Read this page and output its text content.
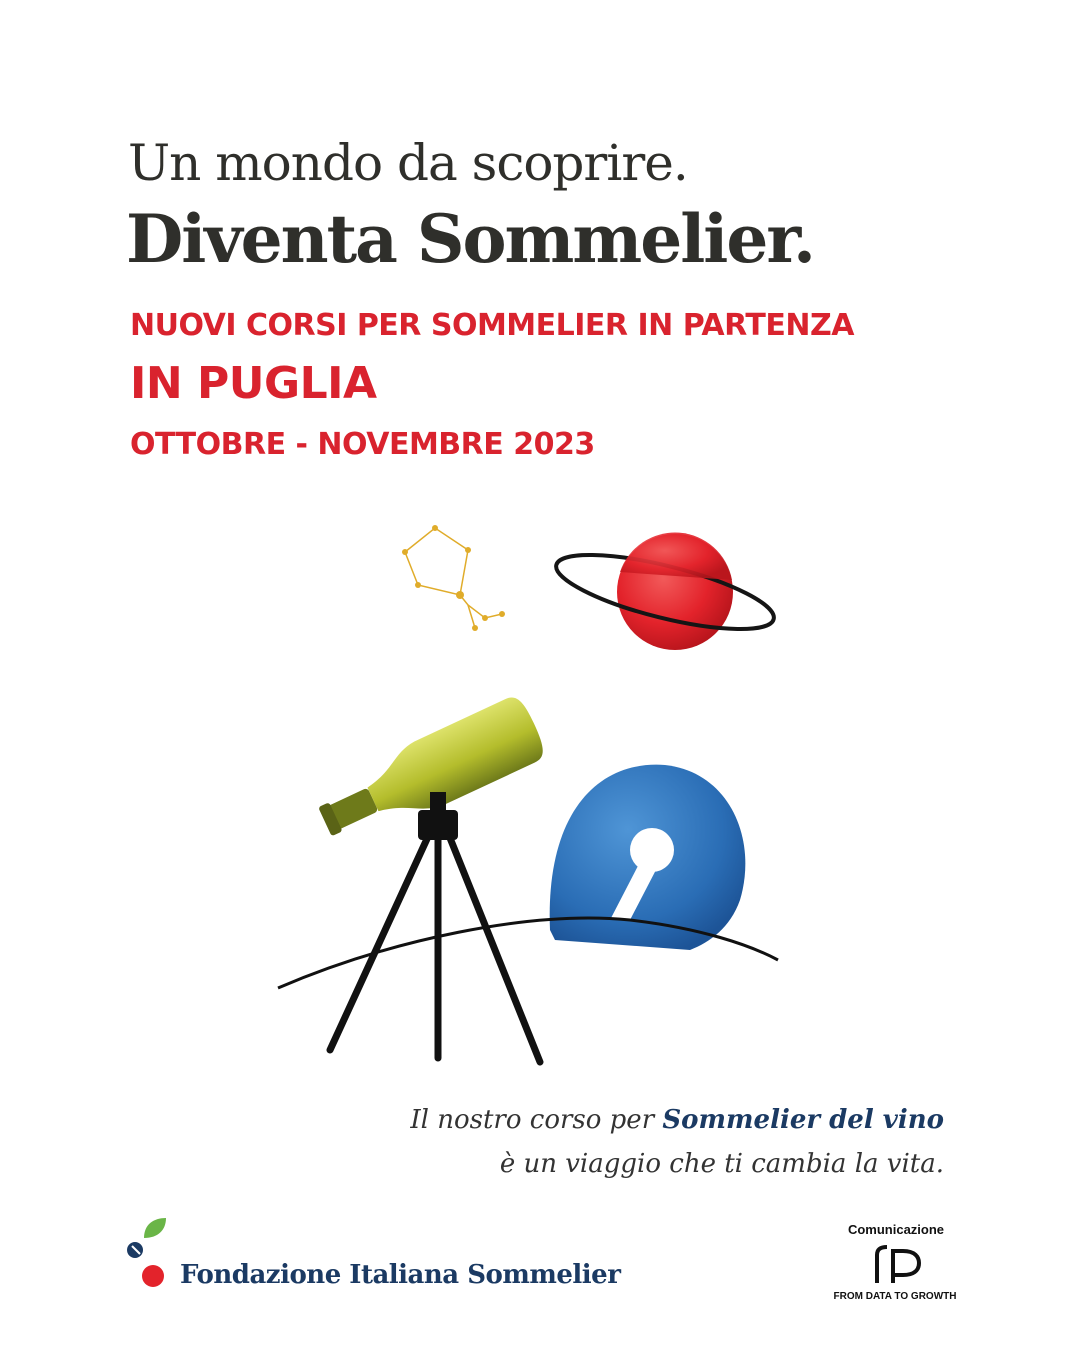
Un mondo da scoprire.
Diventa Sommelier.
NUOVI CORSI PER SOMMELIER IN PARTENZA
IN PUGLIA
OTTOBRE - NOVEMBRE 2023
Il nostro corso per Sommelier del vino
è un viaggio che ti cambia la vita.
Fondazione Italiana Sommelier
Comunicazione
FROM DATA TO GROWTH
